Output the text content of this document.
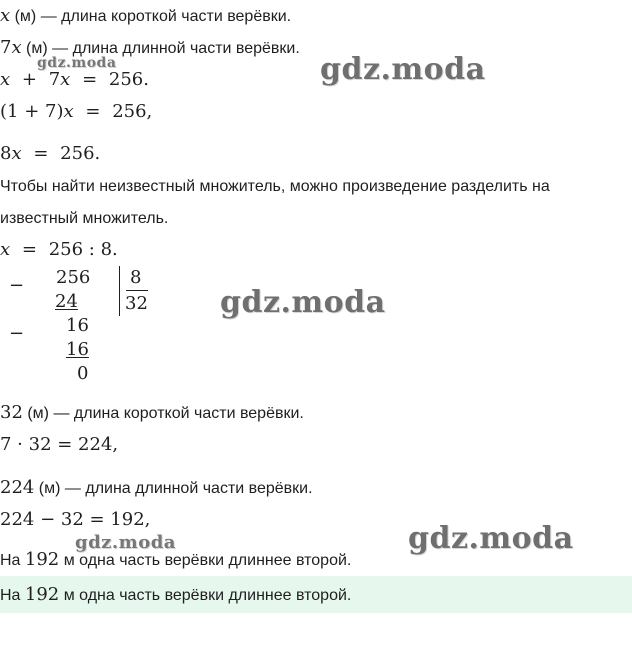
x (м) — длина короткой части верёвки.
7x (м) — длина длинной части верёвки.
x + 7x = 256.
(1 + 7)x = 256,
8x = 256.
Чтобы найти неизвестный множитель, можно произведение разделить на
известный множитель.
x = 256 : 8.
− 256
24
8
32
− 16
16
0
32 (м) — длина короткой части верёвки.
7 · 32 = 224,
224 (м) — длина длинной части верёвки.
224 − 32 = 192,
На 192 м одна часть верёвки длиннее второй.
На 192 м одна часть верёвки длиннее второй.
gdz.moda	gdz.moda
gdz.moda
gdz.moda	gdz.moda
